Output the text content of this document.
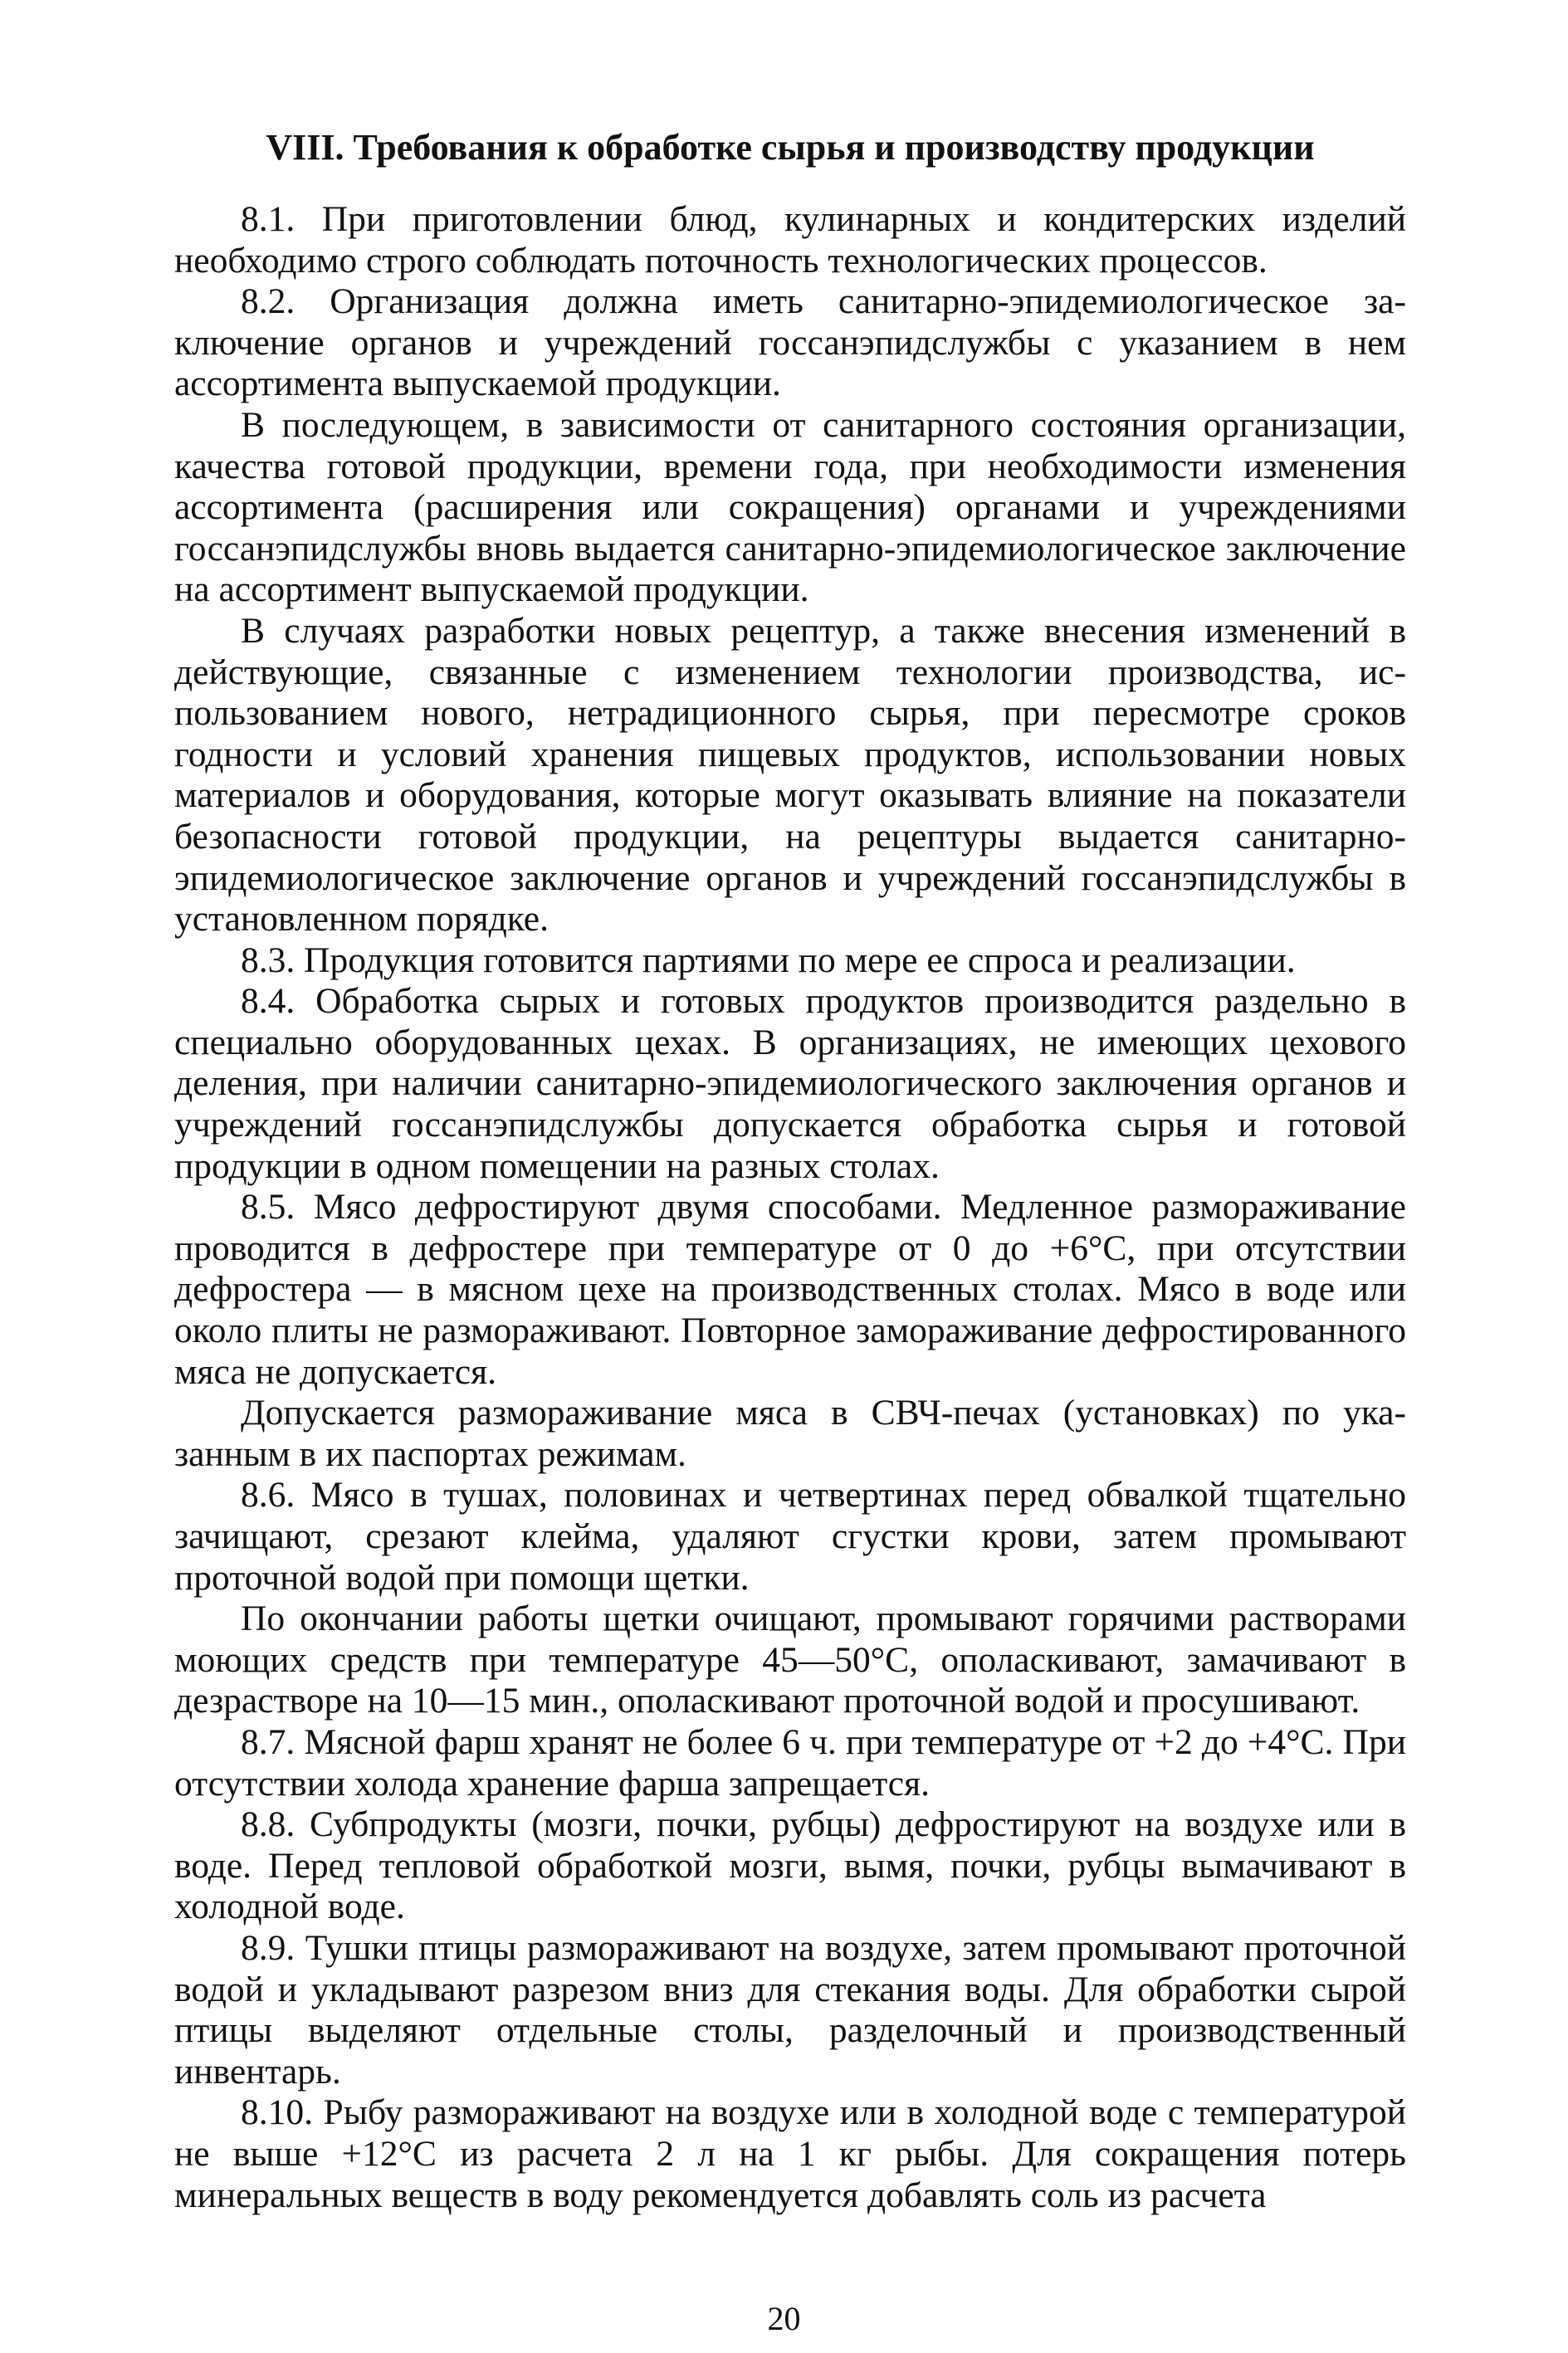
VIII. Требования к обработке сырья и производству продукции

8.1. При приготовлении блюд, кулинарных и кондитерских изделий необходимо строго соблюдать поточность технологических процессов.

8.2. Организация должна иметь санитарно-эпидемиологическое заключение органов и учреждений госсанэпидслужбы с указанием в нем ассортимента выпускаемой продукции.

В последующем, в зависимости от санитарного состояния организации, качества готовой продукции, времени года, при необходимости изменения ассортимента (расширения или сокращения) органами и учреждениями госсанэпидслужбы вновь выдается санитарно-эпидемиологическое заключение на ассортимент выпускаемой продукции.

В случаях разработки новых рецептур, а также внесения изменений в действующие, связанные с изменением технологии производства, использованием нового, нетрадиционного сырья, при пересмотре сроков годности и условий хранения пищевых продуктов, использовании новых материалов и оборудования, которые могут оказывать влияние на показатели безопасности готовой продукции, на рецептуры выдается санитарно-эпидемиологическое заключение органов и учреждений госсанэпидслужбы в установленном порядке.

8.3. Продукция готовится партиями по мере ее спроса и реализации.

8.4. Обработка сырых и готовых продуктов производится раздельно в специально оборудованных цехах. В организациях, не имеющих цехового деления, при наличии санитарно-эпидемиологического заключения органов и учреждений госсанэпидслужбы допускается обработка сырья и готовой продукции в одном помещении на разных столах.

8.5. Мясо дефростируют двумя способами. Медленное размораживание проводится в дефростере при температуре от 0 до +6°С, при отсутствии дефростера — в мясном цехе на производственных столах. Мясо в воде или около плиты не размораживают. Повторное замораживание дефростированного мяса не допускается.

Допускается размораживание мяса в СВЧ-печах (установках) по указанным в их паспортах режимам.

8.6. Мясо в тушах, половинах и четвертинах перед обвалкой тщательно зачищают, срезают клейма, удаляют сгустки крови, затем промывают проточной водой при помощи щетки.

По окончании работы щетки очищают, промывают горячими растворами моющих средств при температуре 45—50°С, ополаскивают, замачивают в дезрастворе на 10—15 мин., ополаскивают проточной водой и просушивают.

8.7. Мясной фарш хранят не более 6 ч. при температуре от +2 до +4°С. При отсутствии холода хранение фарша запрещается.

8.8. Субпродукты (мозги, почки, рубцы) дефростируют на воздухе или в воде. Перед тепловой обработкой мозги, вымя, почки, рубцы вымачивают в холодной воде.

8.9. Тушки птицы размораживают на воздухе, затем промывают проточной водой и укладывают разрезом вниз для стекания воды. Для обработки сырой птицы выделяют отдельные столы, разделочный и производственный инвентарь.

8.10. Рыбу размораживают на воздухе или в холодной воде с температурой не выше +12°С из расчета 2 л на 1 кг рыбы. Для сокращения потерь минеральных веществ в воду рекомендуется добавлять соль из расчета

20
